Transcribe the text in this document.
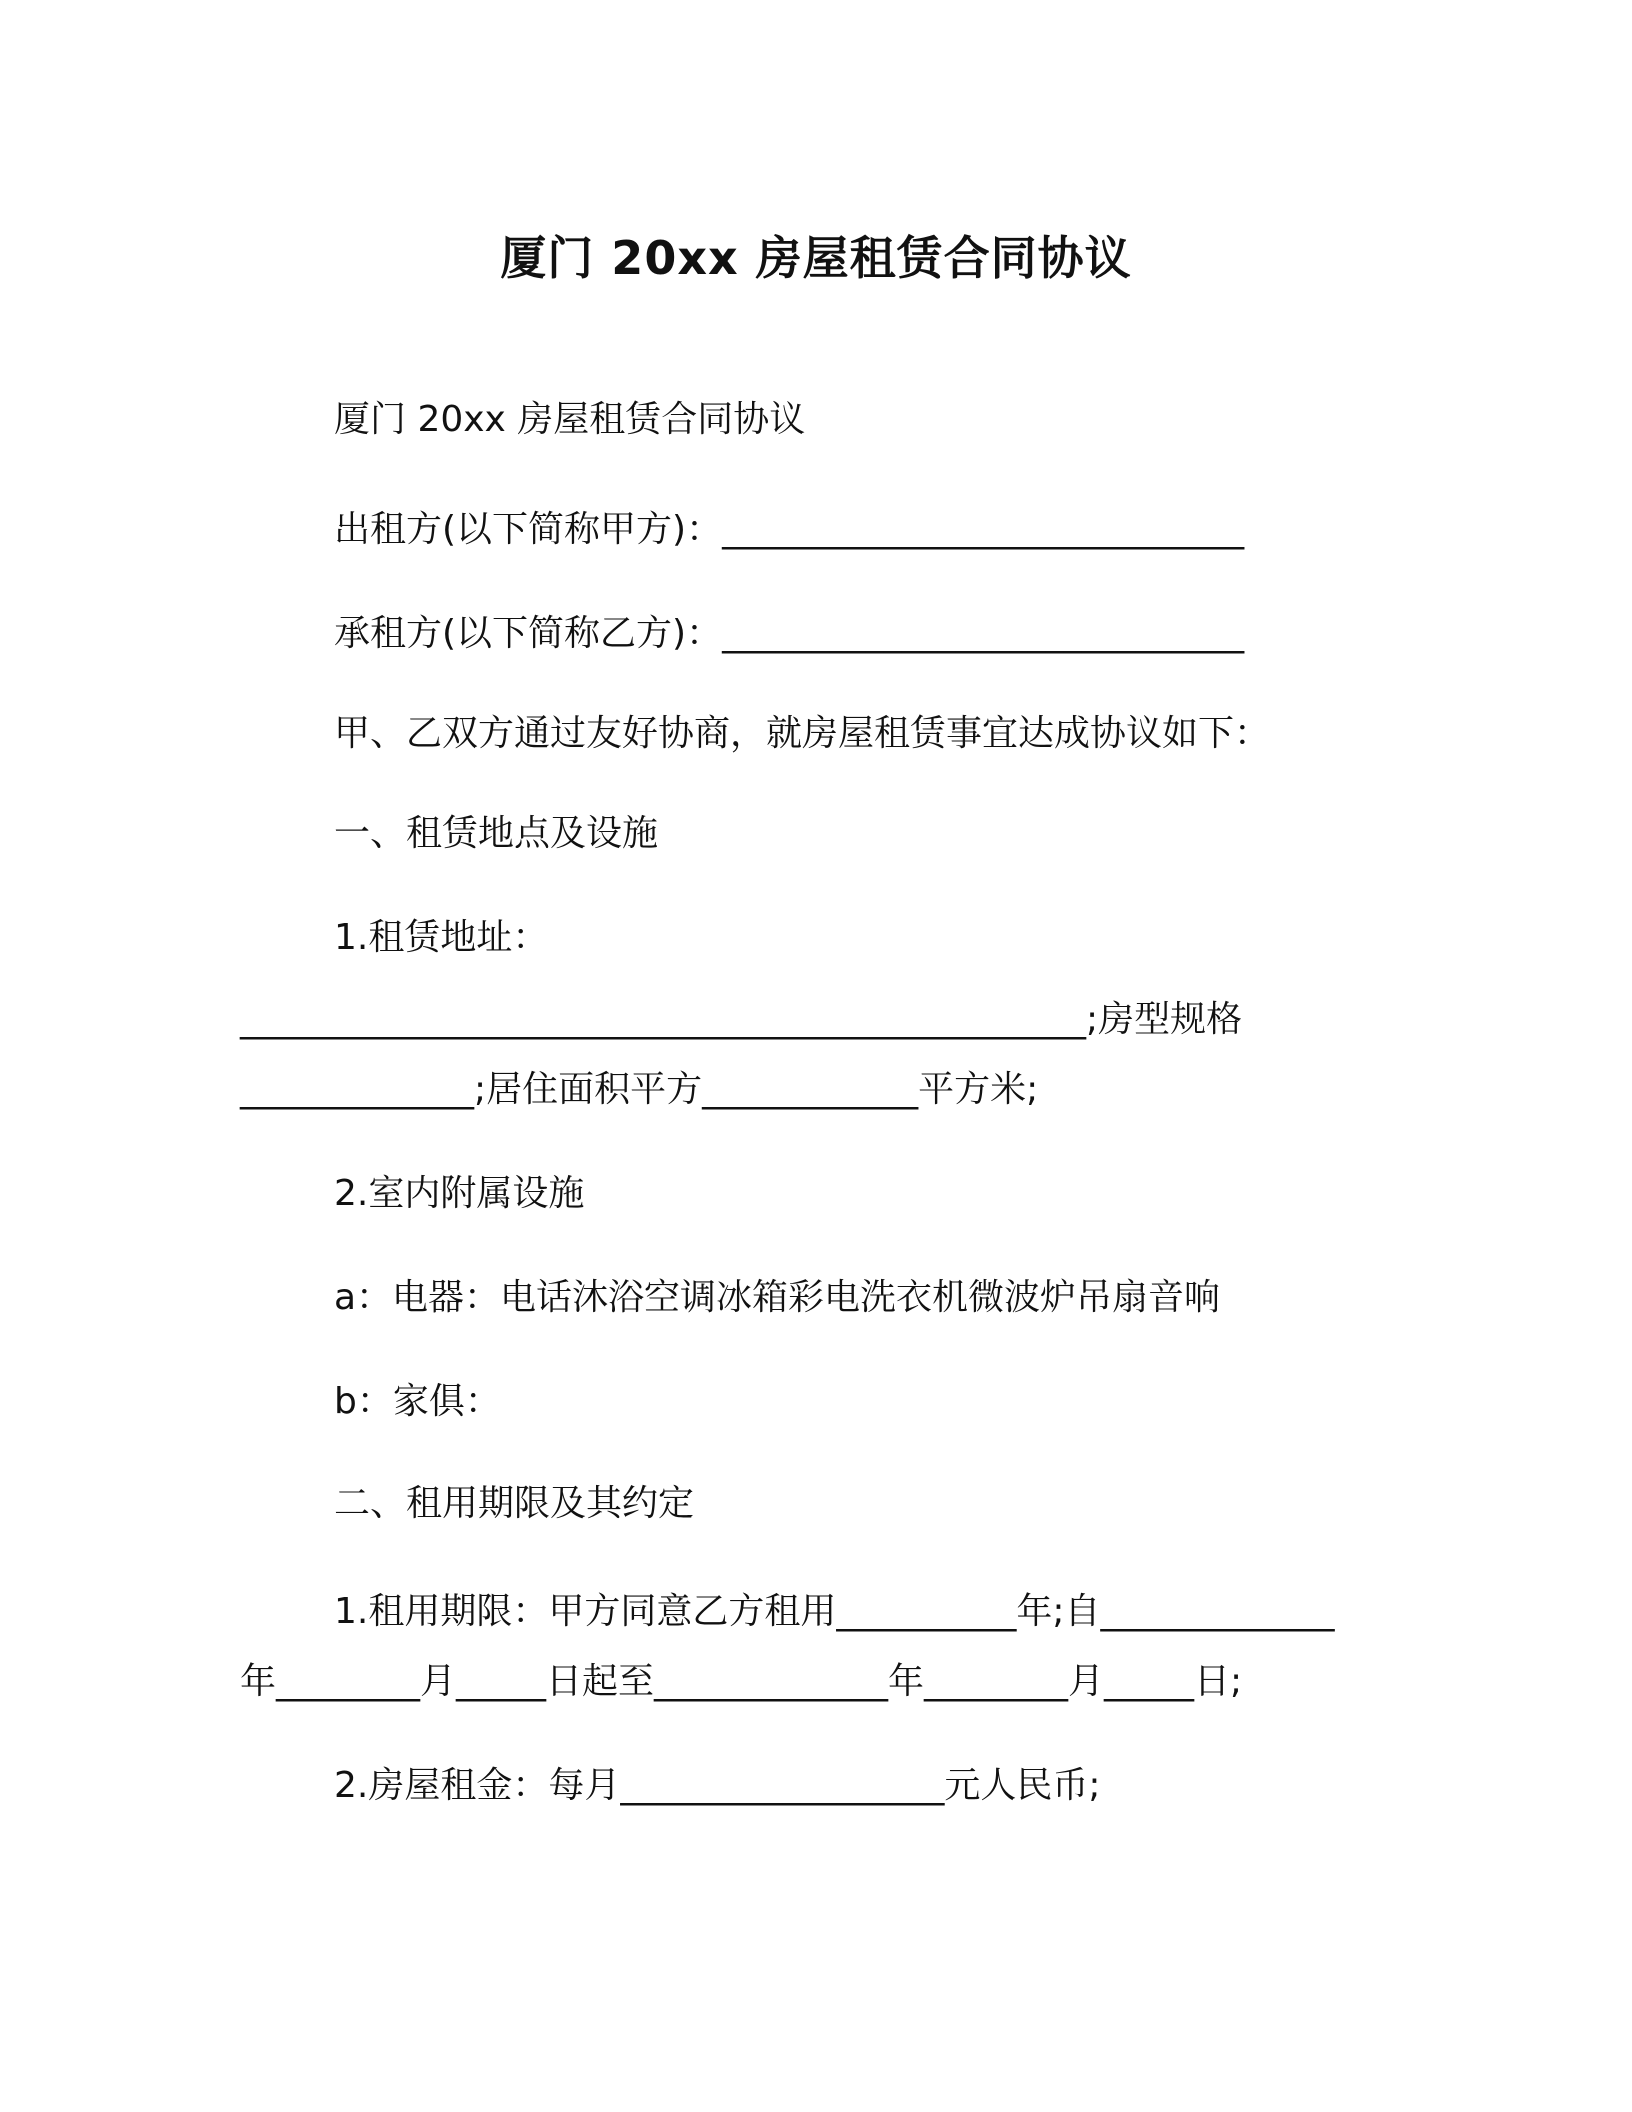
厦门 20xx 房屋租赁合同协议
厦门 20xx 房屋租赁合同协议
出租方(以下简称甲方)：_____________________________
承租方(以下简称乙方)：_____________________________
甲、乙双方通过友好协商，就房屋租赁事宜达成协议如下：
一、租赁地点及设施
1.租赁地址：
_______________________________________________;房型规格
_____________;居住面积平方____________平方米;
2.室内附属设施
a：电器：电话沐浴空调冰箱彩电洗衣机微波炉吊扇音响
b：家俱：
二、租用期限及其约定
1.租用期限：甲方同意乙方租用__________年;自_____________
年________月_____日起至_____________年________月_____日;
2.房屋租金：每月__________________元人民币;
